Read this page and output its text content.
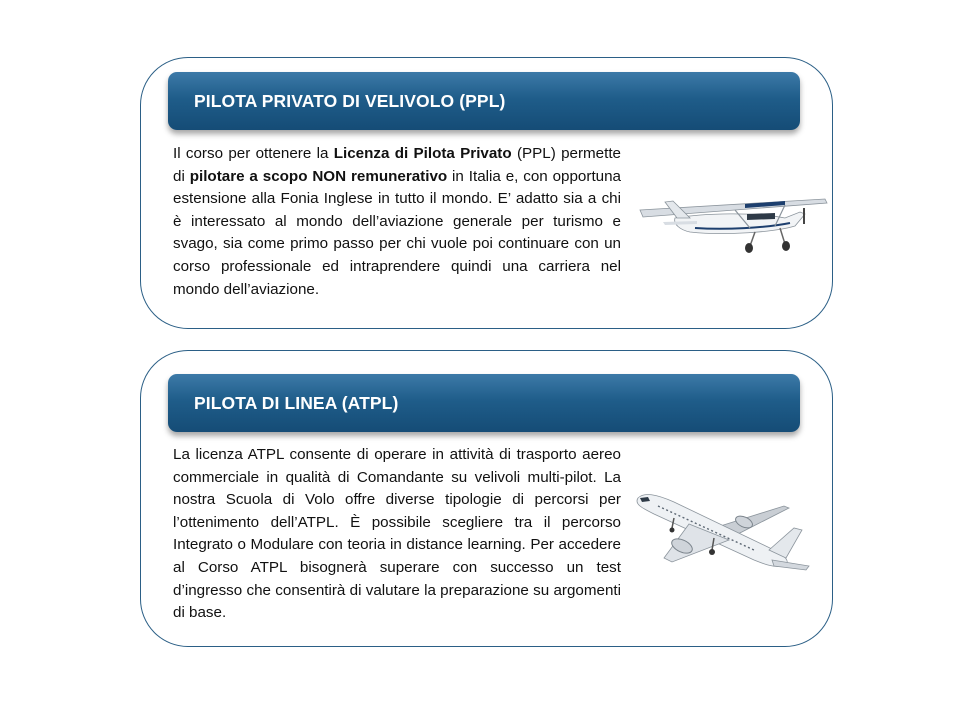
PILOTA PRIVATO DI VELIVOLO (PPL)

Il corso per ottenere la Licenza di Pilota Privato (PPL) permette di pilotare a scopo NON remunerativo in Italia e, con opportuna estensione alla Fonia Inglese in tutto il mondo. E’ adatto sia a chi è interessato al mondo dell’aviazione generale per turismo e svago, sia come primo passo per chi vuole poi continuare con un corso professionale ed intraprendere quindi una carriera nel mondo dell’aviazione.

PILOTA DI LINEA (ATPL)

La licenza ATPL consente di operare in attività di trasporto aereo commerciale in qualità di Comandante su velivoli multi-pilot. La nostra Scuola di Volo offre diverse tipologie di percorsi per l’ottenimento dell’ATPL. È possibile scegliere tra il percorso Integrato o Modulare con teoria in distance learning. Per accedere al Corso ATPL bisognerà superare con successo un test d’ingresso che consentirà di valutare la preparazione su argomenti di base.
